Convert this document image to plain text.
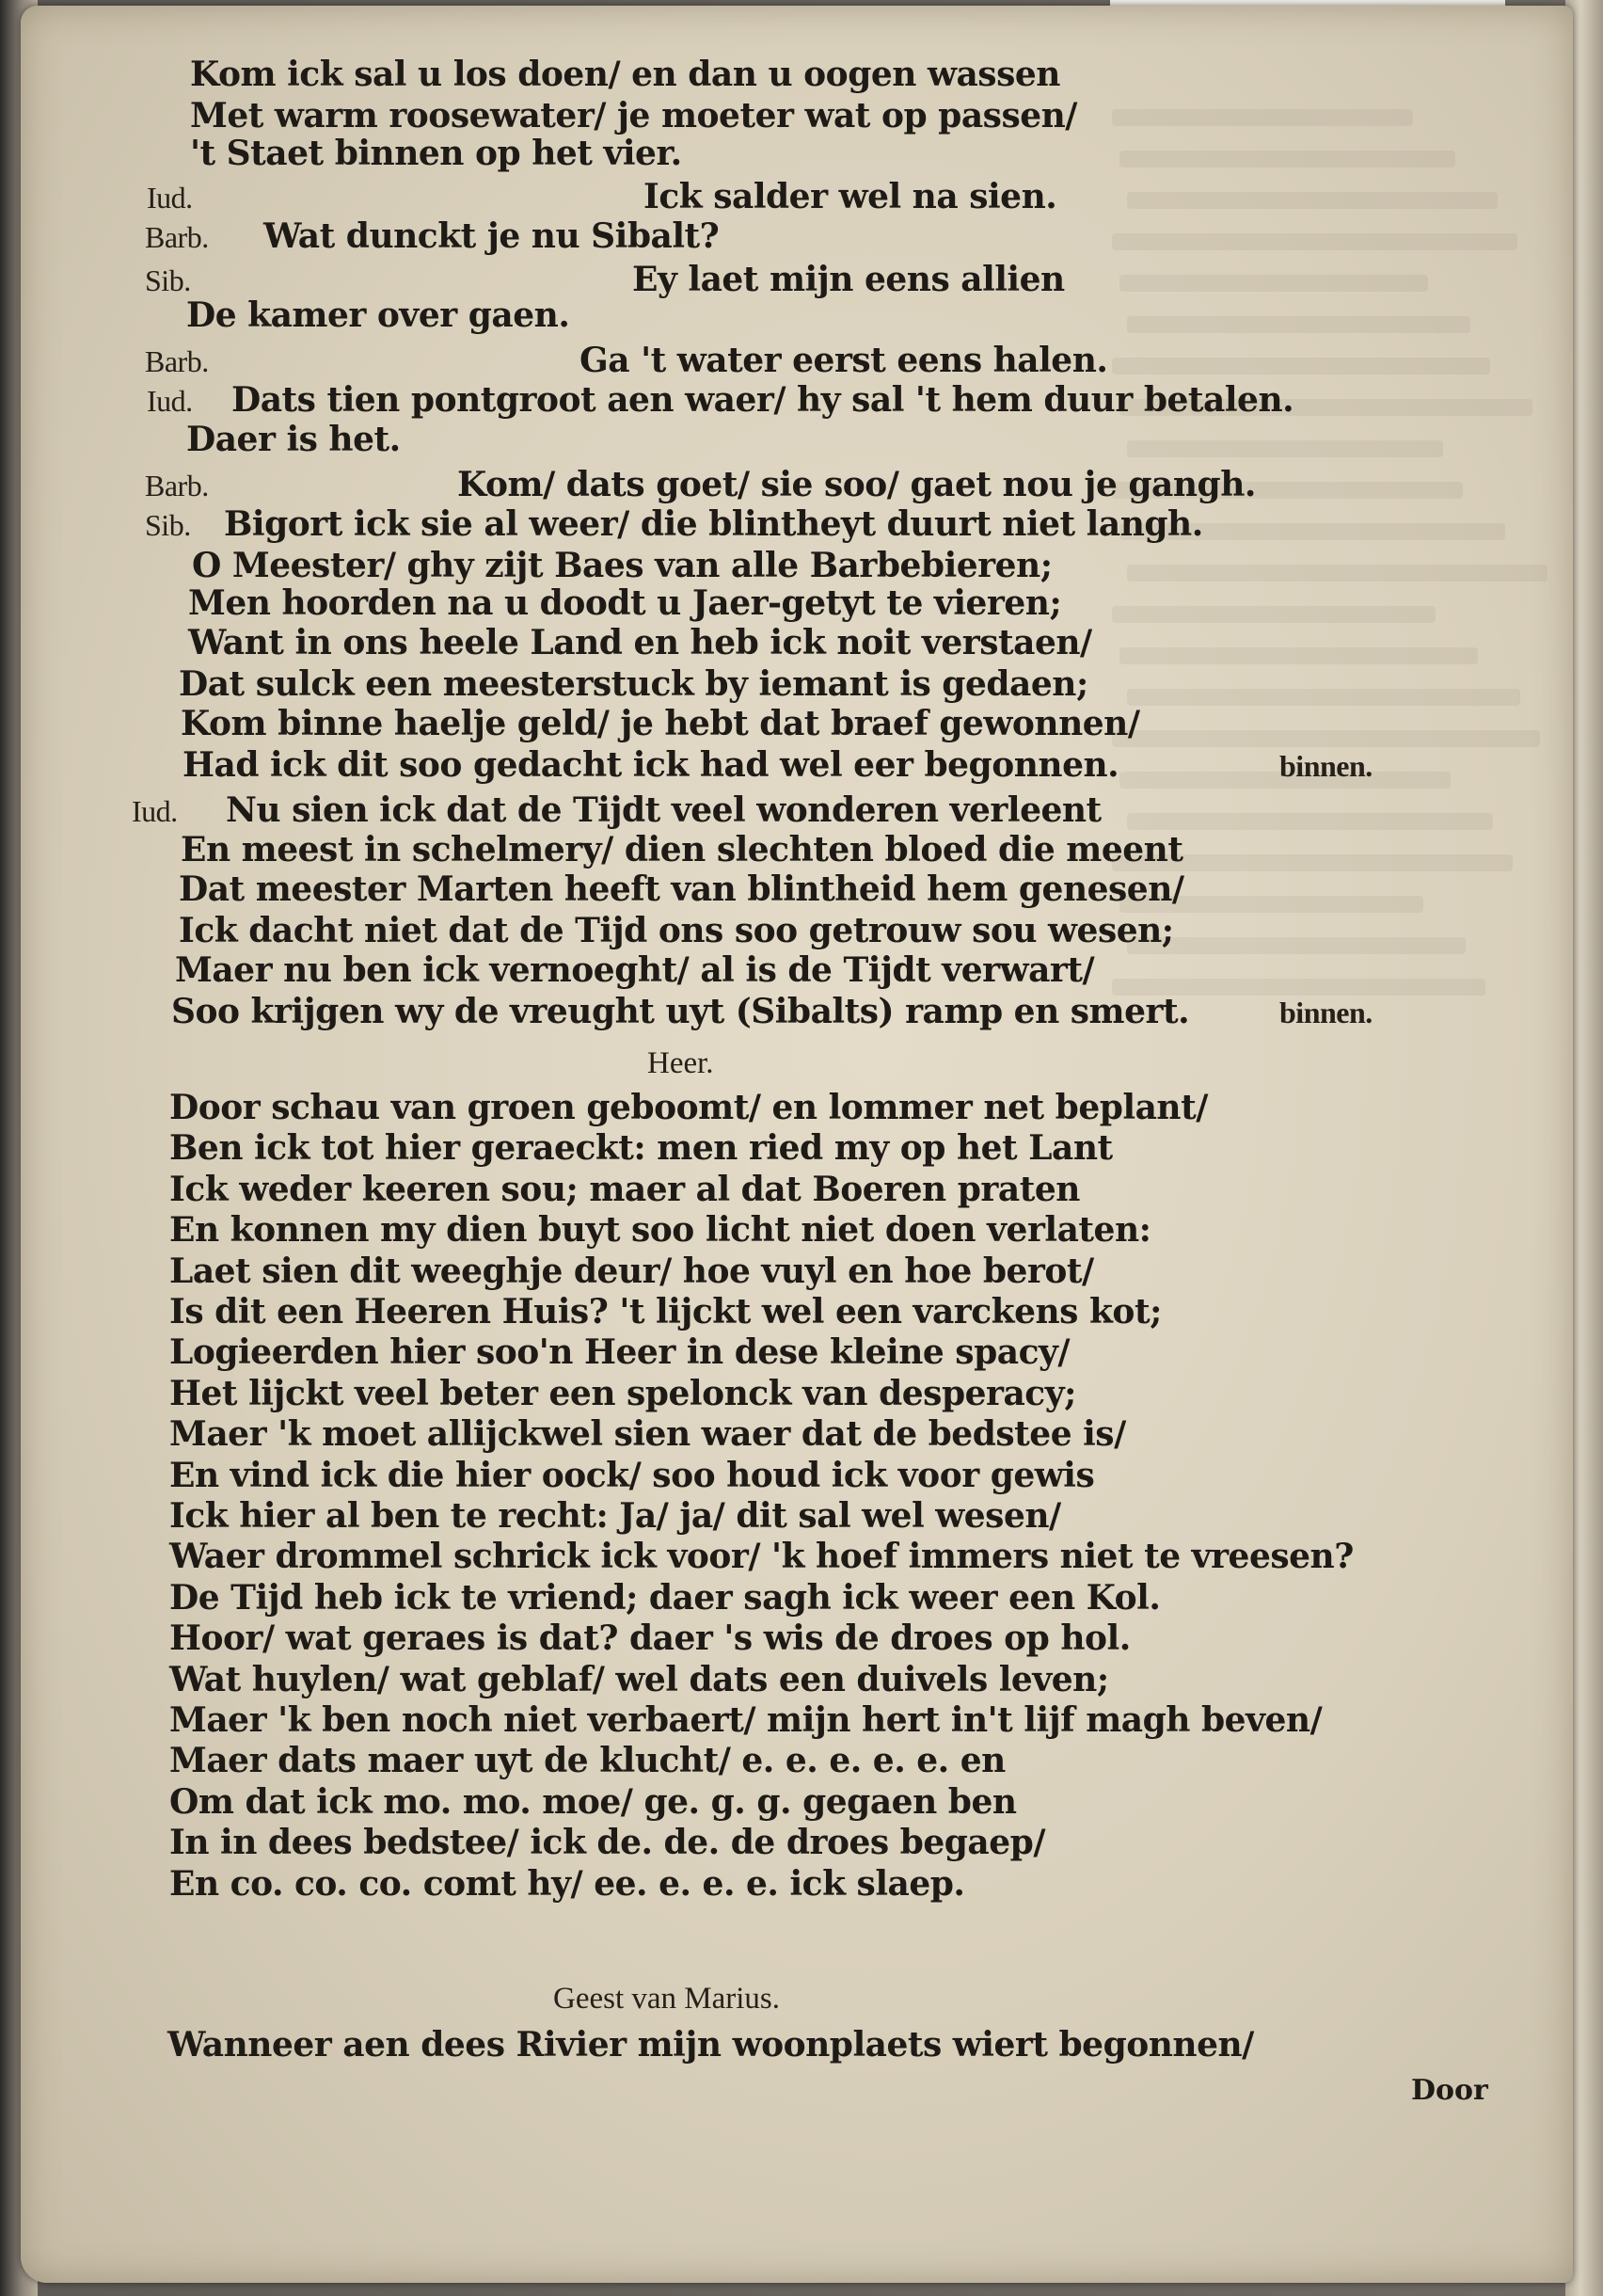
Kom ick sal u los doen/ en dan u oogen wassen
Met warm roosewater/ je moeter wat op passen/
't Staet binnen op het vier.
Iud.	Ick salder wel na sien.
Barb. Wat dunckt je nu Sibalt?
Sib.	Ey laet mijn eens allien
De kamer over gaen.
Barb.	Ga 't water eerst eens halen.
Iud. Dats tien pontgroot aen waer/ hy sal 't hem duur betalen.
Daer is het.
Barb.	Kom/ dats goet/ sie soo/ gaet nou je gangh.
Sib. Bigort ick sie al weer/ die blintheyt duurt niet langh.
O Meester/ ghy zijt Baes van alle Barbebieren;
Men hoorden na u doodt u Jaer-getyt te vieren;
Want in ons heele Land en heb ick noit verstaen/
Dat sulck een meesterstuck by iemant is gedaen;
Kom binne haelje geld/ je hebt dat braef gewonnen/
Had ick dit soo gedacht ick had wel eer begonnen.	binnen.
Iud. Nu sien ick dat de Tijdt veel wonderen verleent
En meest in schelmery/ dien slechten bloed die meent
Dat meester Marten heeft van blintheid hem genesen/
Ick dacht niet dat de Tijd ons soo getrouw sou wesen;
Maer nu ben ick vernoeght/ al is de Tijdt verwart/
Soo krijgen wy de vreught uyt (Sibalts) ramp en smert.	binnen.
Heer.
Door schau van groen geboomt/ en lommer net beplant/
Ben ick tot hier geraeckt: men ried my op het Lant
Ick weder keeren sou; maer al dat Boeren praten
En konnen my dien buyt soo licht niet doen verlaten:
Laet sien dit weeghje deur/ hoe vuyl en hoe berot/
Is dit een Heeren Huis? 't lijckt wel een varckens kot;
Logieerden hier soo'n Heer in dese kleine spacy/
Het lijckt veel beter een spelonck van desperacy;
Maer 'k moet allijckwel sien waer dat de bedstee is/
En vind ick die hier oock/ soo houd ick voor gewis
Ick hier al ben te recht: Ja/ ja/ dit sal wel wesen/
Waer drommel schrick ick voor/ 'k hoef immers niet te vreesen?
De Tijd heb ick te vriend; daer sagh ick weer een Kol.
Hoor/ wat geraes is dat? daer 's wis de droes op hol.
Wat huylen/ wat geblaf/ wel dats een duivels leven;
Maer 'k ben noch niet verbaert/ mijn hert in't lijf magh beven/
Maer dats maer uyt de klucht/ e. e. e. e. e. en
Om dat ick mo. mo. moe/ ge. g. g. gegaen ben
In in dees bedstee/ ick de. de. de droes begaep/
En co. co. co. comt hy/ ee. e. e. e. ick slaep.
Geest van Marius.
Wanneer aen dees Rivier mijn woonplaets wiert begonnen/
Door
